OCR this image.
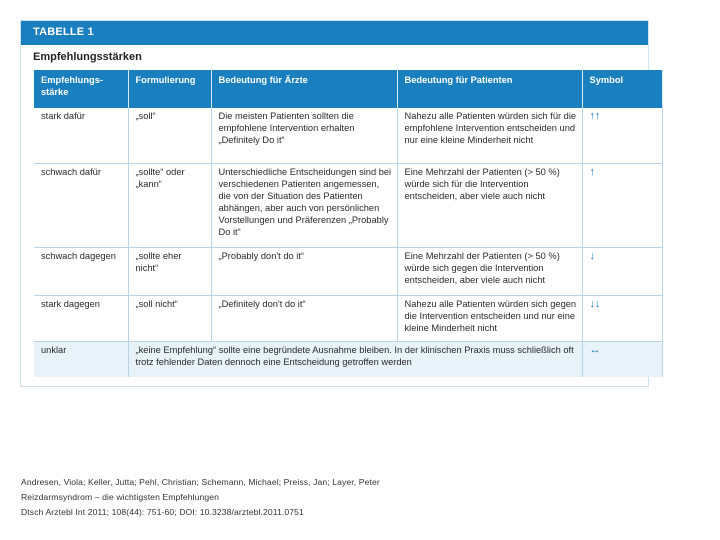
TABELLE 1
Empfehlungsstärken
Empfehlungs-
stärke	Formulierung	Bedeutung für Ärzte	Bedeutung für Patienten	Symbol
stark dafür	„soll“	Die meisten Patienten sollten die empfohlene Intervention erhalten „Definitely Do it“	Nahezu alle Patienten würden sich für die empfohlene Intervention entscheiden und nur eine kleine Minderheit nicht	↑↑
schwach dafür	„sollte“ oder „kann“	Unterschiedliche Entscheidungen sind bei verschiedenen Patienten angemessen, die von der Situation des Patienten abhängen, aber auch von persönlichen Vorstellungen und Präferenzen „Probably Do it“	Eine Mehrzahl der Patienten (> 50 %) würde sich für die Intervention entscheiden, aber viele auch nicht	↑
schwach dagegen	„sollte eher nicht“	„Probably don't do it“	Eine Mehrzahl der Patienten (> 50 %) würde sich gegen die Intervention entscheiden, aber viele auch nicht	↓
stark dagegen	„soll nicht“	„Definitely don't do it“	Nahezu alle Patienten würden sich gegen die Intervention entscheiden und nur eine kleine Minderheit nicht	↓↓
unklar	„keine Empfehlung“ sollte eine begründete Ausnahme bleiben. In der klinischen Praxis muss schließlich oft trotz fehlender Daten dennoch eine Entscheidung getroffen werden			↔
Andresen, Viola; Keller, Jutta; Pehl, Christian; Schemann, Michael; Preiss, Jan; Layer, Peter
Reizdarmsyndrom – die wichtigsten Empfehlungen
Dtsch Arztebl Int 2011; 108(44): 751-60; DOI: 10.3238/arztebl.2011.0751
